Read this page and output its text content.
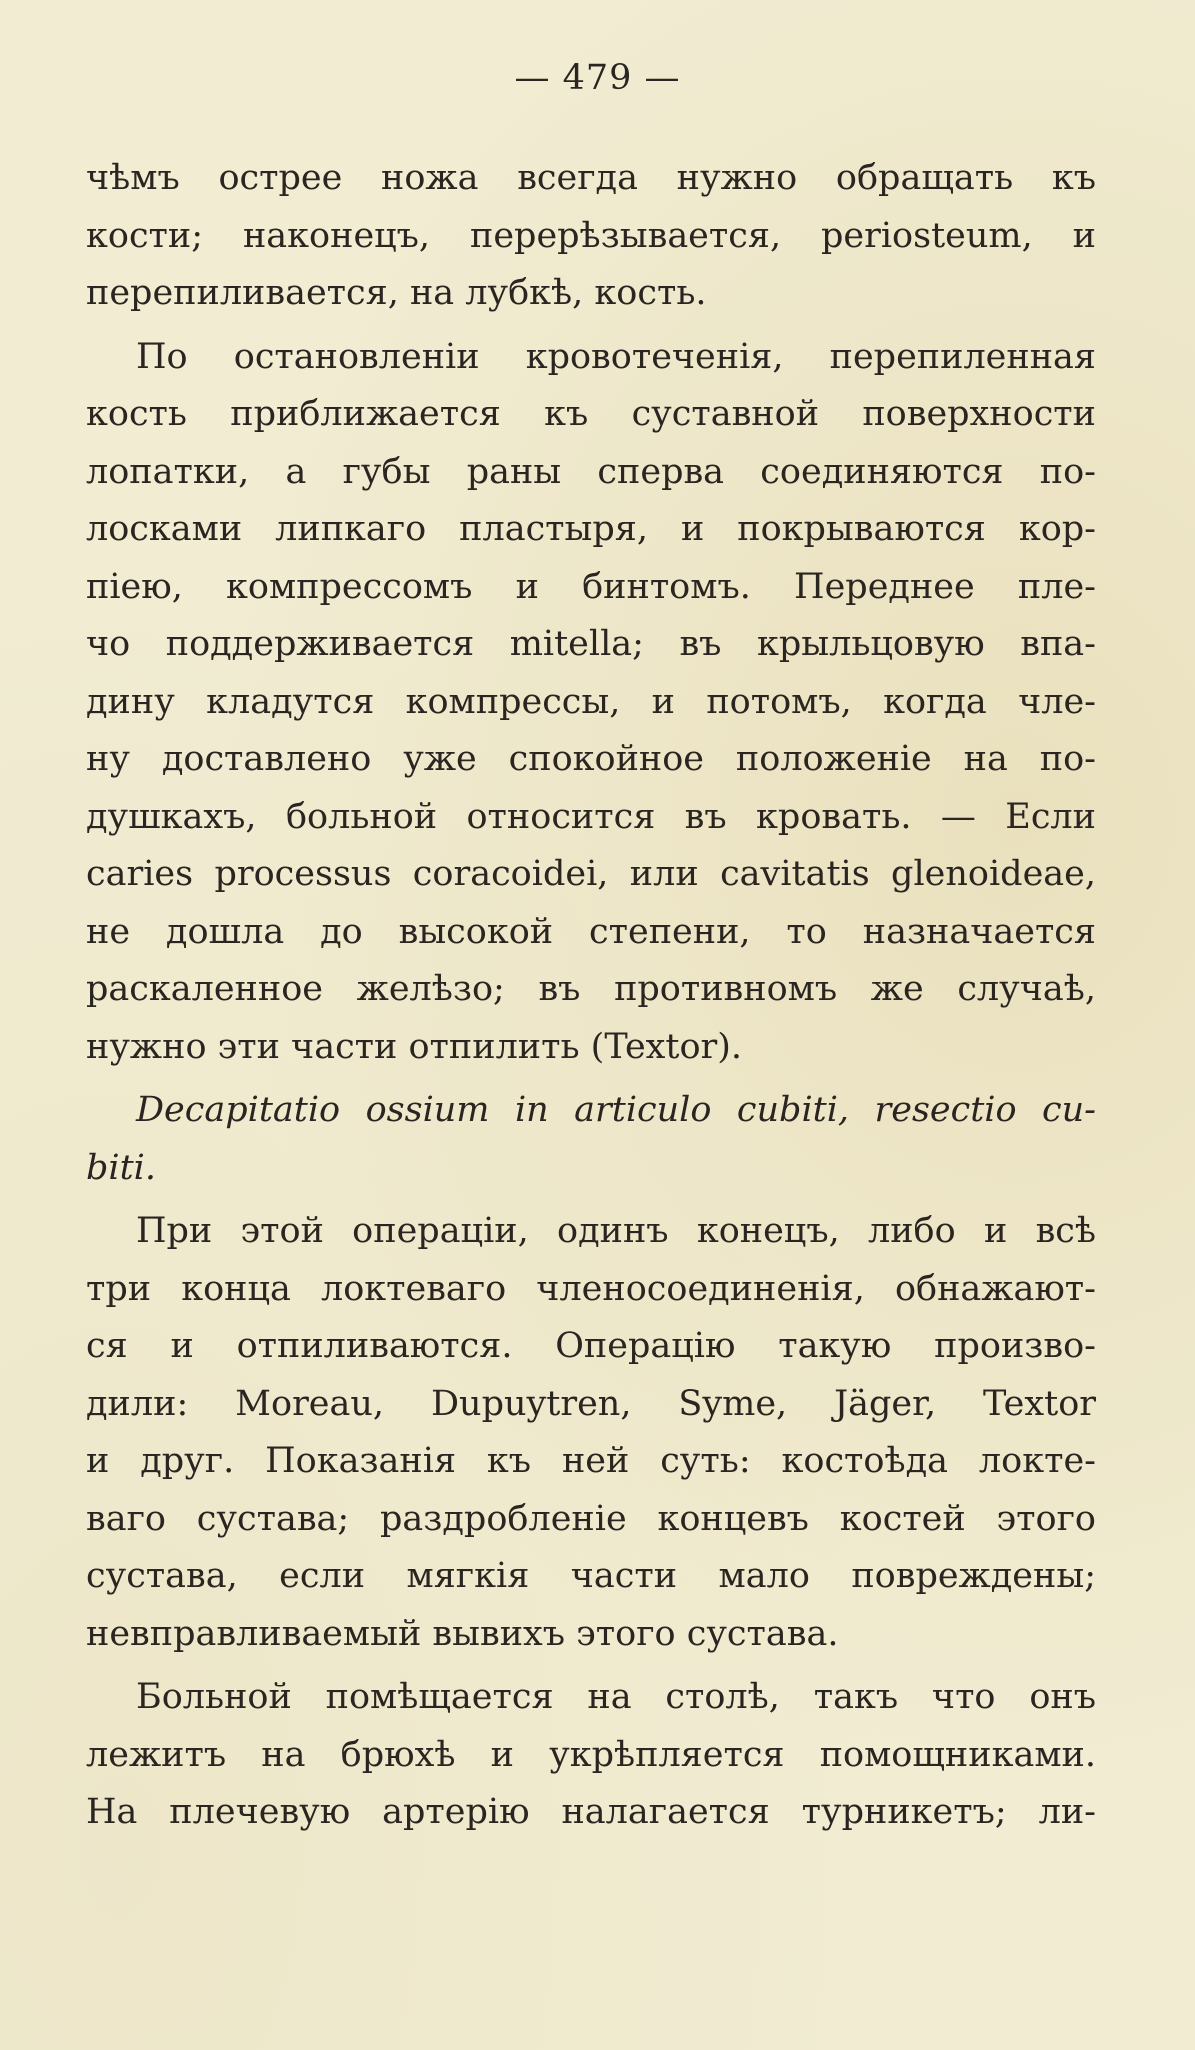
— 479 —
чѣмъ острее ножа всегда нужно обращать къ
кости; наконецъ, перерѣзывается, periosteum, и
перепиливается, на лубкѣ, кость.
По остановленіи кровотеченія, перепиленная
кость приближается къ суставной поверхности
лопатки, а губы раны сперва соединяются по-
лосками липкаго пластыря, и покрываются кор-
піею, компрессомъ и бинтомъ. Переднее пле-
чо поддерживается mitella; въ крыльцовую впа-
дину кладутся компрессы, и потомъ, когда чле-
ну доставлено уже спокойное положеніе на по-
душкахъ, больной относится въ кровать. — Если
caries processus coracoidei, или cavitatis glenoideae,
не дошла до высокой степени, то назначается
раскаленное желѣзо; въ противномъ же случаѣ,
нужно эти части отпилить (Textor).
Decapitatio ossium in articulo cubiti, resectio cu-
biti.
При этой операціи, одинъ конецъ, либо и всѣ
три конца локтеваго членосоединенія, обнажают-
ся и отпиливаются. Операцію такую произво-
дили: Moreau, Dupuytren, Syme, Jäger, Textor
и друг. Показанія къ ней суть: костоѣда локте-
ваго сустава; раздробленіе концевъ костей этого
сустава, если мягкія части мало повреждены;
невправливаемый вывихъ этого сустава.
Больной помѣщается на столѣ, такъ что онъ
лежитъ на брюхѣ и укрѣпляется помощниками.
На плечевую артерію налагается турникетъ; ли-
